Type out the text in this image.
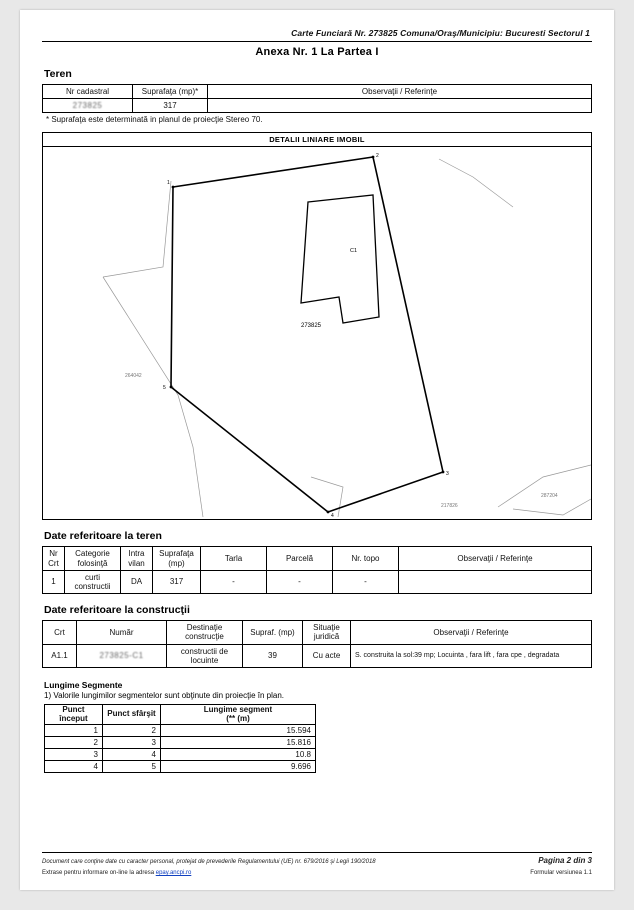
Carte Funciară Nr. 273825 Comuna/Oraş/Municipiu: Bucuresti Sectorul 1
Anexa Nr. 1 La Partea I
Teren
Nr cadastral	Suprafaţa (mp)*	Observaţii / Referinţe
273825	317	
* Suprafaţa este determinată in planul de proiecţie Stereo 70.
DETALII LINIARE IMOBIL
1
2
3
4
5
C1
273825
264042
217826
287204
Date referitoare la teren
Nr Crt	Categorie folosinţă	Intra vilan	Suprafaţa (mp)	Tarla	Parcelă	Nr. topo	Observaţii / Referinţe
1	curti constructii	DA	317	-	-	-	
Date referitoare la construcţii
Crt	Număr	Destinaţie construcţie	Supraf. (mp)	Situaţie juridică	Observaţii / Referinţe
A1.1	273825-C1	constructii de locuinte	39	Cu acte	S. construita la sol:39 mp; Locuinta , fara lift , fara cpe , degradata
Lungime Segmente
1) Valorile lungimilor segmentelor sunt obţinute din proiecţie în plan.
Punct început	Punct sfârşit	Lungime segment
(** (m)
1	2	15.594
2	3	15.816
3	4	10.8
4	5	9.696
Document care conţine date cu caracter personal, protejat de prevederile Regulamentului (UE) nr. 679/2016 şi Legii 190/2018	Pagina 2 din 3
Extrase pentru informare on-line la adresa epay.ancpi.ro	Formular versiunea 1.1
